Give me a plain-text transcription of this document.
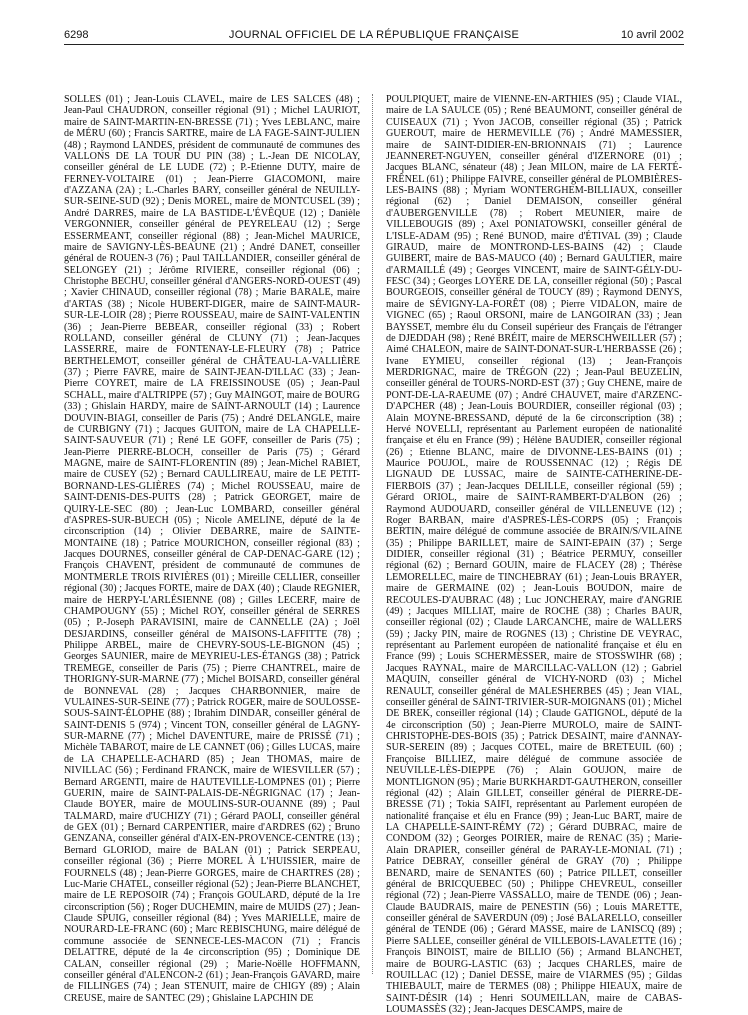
6298	JOURNAL OFFICIEL DE LA RÉPUBLIQUE FRANÇAISE	10 avril 2002

SOLLES (01) ; Jean-Louis CLAVEL, maire de LES SALCES (48) ; Jean-Paul CHAUDRON, conseiller régional (91) ; Michel LAURIOT, maire de SAINT-MARTIN-EN-BRESSE (71) ; Yves LEBLANC, maire de MÉRU (60) ; Francis SARTRE, maire de LA FAGE-SAINT-JULIEN (48) ; Raymond LANDES, président de communauté de communes des VALLONS DE LA TOUR DU PIN (38) ; L.-Jean DE NICOLAY, conseiller général de LE LUDE (72) ; P.-Etienne DUTY, maire de FERNEY-VOLTAIRE (01) ; Jean-Pierre GIACOMONI, maire d'AZZANA (2A) ; L.-Charles BARY, conseiller général de NEUILLY-SUR-SEINE-SUD (92) ; Denis MOREL, maire de MONTCUSEL (39) ; André DARRES, maire de LA BASTIDE-L'ÉVÊQUE (12) ; Danièle VERGONNIER, conseiller général de PEYRELEAU (12) ; Serge ESSERMEANT, conseiller régional (88) ; Jean-Michel MAURICE, maire de SAVIGNY-LÈS-BEAUNE (21) ; André DANET, conseiller général de ROUEN-3 (76) ; Paul TAILLANDIER, conseiller général de SELONGEY (21) ; Jérôme RIVIERE, conseiller régional (06) ; Christophe BECHU, conseiller général d'ANGERS-NORD-OUEST (49) ; Xavier CHINAUD, conseiller régional (78) ; Marie BARALE, maire d'ARTAS (38) ; Nicole HUBERT-DIGER, maire de SAINT-MAUR-SUR-LE-LOIR (28) ; Pierre ROUSSEAU, maire de SAINT-VALENTIN (36) ; Jean-Pierre BEBEAR, conseiller régional (33) ; Robert ROLLAND, conseiller général de CLUNY (71) ; Jean-Jacques LASSERRE, maire de FONTENAY-LE-FLEURY (78) ; Patrice BERTHELEMOT, conseiller général de CHÂTEAU-LA-VALLIÈRE (37) ; Pierre FAVRE, maire de SAINT-JEAN-D'ILLAC (33) ; Jean-Pierre COYRET, maire de LA FREISSINOUSE (05) ; Jean-Paul SCHALL, maire d'ALTRIPPE (57) ; Guy MAINGOT, maire de BOURG (33) ; Ghislain HARDY, maire de SAINT-ARNOULT (14) ; Laurence DOUVIN-BIAGI, conseiller de Paris (75) ; André DELANGLE, maire de CURBIGNY (71) ; Jacques GUITON, maire de LA CHAPELLE-SAINT-SAUVEUR (71) ; René LE GOFF, conseiller de Paris (75) ; Jean-Pierre PIERRE-BLOCH, conseiller de Paris (75) ; Gérard MAGNE, maire de SAINT-FLORENTIN (89) ; Jean-Michel RABIET, maire de CUSEY (52) ; Bernard CAULLIREAU, maire de LE PETIT-BORNAND-LES-GLIÈRES (74) ; Michel ROUSSEAU, maire de SAINT-DENIS-DES-PUITS (28) ; Patrick GEORGET, maire de QUIRY-LE-SEC (80) ; Jean-Luc LOMBARD, conseiller général d'ASPRES-SUR-BUECH (05) ; Nicole AMELINE, député de la 4e circonscription (14) ; Olivier DEBARRE, maire de SAINTE-MONTAINE (18) ; Patrice MOURICHON, conseiller régional (83) ; Jacques DOURNES, conseiller général de CAP-DENAC-GARE (12) ; François CHAVENT, président de communauté de communes de MONTMERLE TROIS RIVIÈRES (01) ; Mireille CELLIER, conseiller régional (30) ; Jacques FORTE, maire de DAX (40) ; Claude REGNIER, maire de HERPY-L'ARLÉSIENNE (08) ; Gilles LECERF, maire de CHAMPOUGNY (55) ; Michel ROY, conseiller général de SERRES (05) ; P.-Joseph PARAVISINI, maire de CANNELLE (2A) ; Joël DESJARDINS, conseiller général de MAISONS-LAFFITTE (78) ; Philippe ARBEL, maire de CHEVRY-SOUS-LE-BIGNON (45) ; Georges SAUNIER, maire de MEYRIEU-LES-ÉTANGS (38) ; Patrick TREMEGE, conseiller de Paris (75) ; Pierre CHANTREL, maire de THORIGNY-SUR-MARNE (77) ; Michel BOISARD, conseiller général de BONNEVAL (28) ; Jacques CHARBONNIER, maire de VULAINES-SUR-SEINE (77) ; Patrick ROGER, maire de SOULOSSE-SOUS-SAINT-ÉLOPHE (88) ; Ibrahim DINDAR, conseiller général de SAINT-DENIS 5 (974) ; Vincent TON, conseiller général de LAGNY-SUR-MARNE (77) ; Michel DAVENTURE, maire de PRISSÉ (71) ; Michèle TABAROT, maire de LE CANNET (06) ; Gilles LUCAS, maire de LA CHAPELLE-ACHARD (85) ; Jean THOMAS, maire de NIVILLAC (56) ; Ferdinand FRANCK, maire de WIESVILLER (57) ; Bernard ARGENTI, maire de HAUTEVILLE-LOMPNES (01) ; Pierre GUERIN, maire de SAINT-PALAIS-DE-NÉGRIGNAC (17) ; Jean-Claude BOYER, maire de MOULINS-SUR-OUANNE (89) ; Paul TALMARD, maire d'UCHIZY (71) ; Gérard PAOLI, conseiller général de GEX (01) ; Bernard CARPENTIER, maire d'ARDRES (62) ; Bruno GENZANA, conseiller général d'AIX-EN-PROVENCE-CENTRE (13) ; Bernard GLORIOD, maire de BALAN (01) ; Patrick SERPEAU, conseiller régional (36) ; Pierre MOREL À L'HUISSIER, maire de FOURNELS (48) ; Jean-Pierre GORGES, maire de CHARTRES (28) ; Luc-Marie CHATEL, conseiller régional (52) ; Jean-Pierre BLANCHET, maire de LE REPOSOIR (74) ; François GOULARD, député de la 1re circonscription (56) ; Roger DUCHEMIN, maire de MUIDS (27) ; Jean-Claude SPUIG, conseiller régional (84) ; Yves MARIELLE, maire de NOURARD-LE-FRANC (60) ; Marc REBISCHUNG, maire délégué de commune associée de SENNECE-LES-MACON (71) ; Francis DELATTRE, député de la 4e circonscription (95) ; Dominique DE CALAN, conseiller régional (29) ; Marie-Noëlle HOFFMANN, conseiller général d'ALENCON-2 (61) ; Jean-François GAVARD, maire de FILLINGES (74) ; Jean STENUIT, maire de CHIGY (89) ; Alain CREUSE, maire de SANTEC (29) ; Ghislaine LAPCHIN DE

POULPIQUET, maire de VIENNE-EN-ARTHIES (95) ; Claude VIAL, maire de LA SAULCE (05) ; René BEAUMONT, conseiller général de CUISEAUX (71) ; Yvon JACOB, conseiller régional (35) ; Patrick GUEROUT, maire de HERMEVILLE (76) ; André MAMESSIER, maire de SAINT-DIDIER-EN-BRIONNAIS (71) ; Laurence JEANNERET-NGUYEN, conseiller général d'IZERNORE (01) ; Jacques BLANC, sénateur (48) ; Jean MILON, maire de LA FERTÉ-FRÊNEL (61) ; Philippe FAIVRE, conseiller général de PLOMBIÈRES-LES-BAINS (88) ; Myriam WONTERGHEM-BILLIAUX, conseiller régional (62) ; Daniel DEMAISON, conseiller général d'AUBERGENVILLE (78) ; Robert MEUNIER, maire de VILLEBOUGIS (89) ; Axel PONIATOWSKI, conseiller général de L'ISLE-ADAM (95) ; René BUNOD, maire d'ÉTIVAL (39) ; Claude GIRAUD, maire de MONTROND-LES-BAINS (42) ; Claude GUIBERT, maire de BAS-MAUCO (40) ; Bernard GAULTIER, maire d'ARMAILLÉ (49) ; Georges VINCENT, maire de SAINT-GÉLY-DU-FESC (34) ; Georges LOYERE DE LA, conseiller régional (50) ; Pascal BOURGEOIS, conseiller général de TOUCY (89) ; Raymond DENYS, maire de SÉVIGNY-LA-FORÊT (08) ; Pierre VIDALON, maire de VIGNEC (65) ; Raoul ORSONI, maire de LANGOIRAN (33) ; Jean BAYSSET, membre élu du Conseil supérieur des Français de l'étranger de DJEDDAH (98) ; René BRÉIT, maire de MERSCHWEILLER (57) ; Aimé CHALEON, maire de SAINT-DONAT-SUR-L'HERBASSE (26) ; Ivane EYMIEU, conseiller régional (13) ; Jean-François MERDRIGNAC, maire de TRÉGON (22) ; Jean-Paul BEUZELIN, conseiller général de TOURS-NORD-EST (37) ; Guy CHENE, maire de PONT-DE-LA-RAEUME (07) ; André CHAUVET, maire d'ARZENC-D'APCHER (48) ; Jean-Louis BOURDIER, conseiller régional (03) ; Alain MOYNE-BRESSAND, député de la 6e circonscription (38) ; Hervé NOVELLI, représentant au Parlement européen de nationalité française et élu en France (99) ; Hélène BAUDIER, conseiller régional (26) ; Etienne BLANC, maire de DIVONNE-LES-BAINS (01) ; Maurice POUJOL, maire de ROUSSENNAC (12) ; Régis DE LIGNAUD DE LUSSAC, maire de SAINTE-CATHERINE-DE-FIERBOIS (37) ; Jean-Jacques DELILLE, conseiller régional (59) ; Gérard ORIOL, maire de SAINT-RAMBERT-D'ALBON (26) ; Raymond AUDOUARD, conseiller général de VILLENEUVE (12) ; Roger BARBAN, maire d'ASPRES-LÈS-CORPS (05) ; François BERTIN, maire délégué de commune associée de BRAIN/S/VILAINE (35) ; Philippe BARILLET, maire de SAINT-EPAIN (37) ; Serge DIDIER, conseiller régional (31) ; Béatrice PERMUY, conseiller régional (62) ; Bernard GOUIN, maire de FLACEY (28) ; Thérèse LEMORELLEC, maire de TINCHEBRAY (61) ; Jean-Louis BRAYER, maire de GERMAINE (02) ; Jean-Louis BOUDON, maire de RECOULES-D'AUBRAC (48) ; Luc JONCHERAY, maire d'ANGRIE (49) ; Jacques MILLIAT, maire de ROCHE (38) ; Charles BAUR, conseiller régional (02) ; Claude LARCANCHE, maire de WALLERS (59) ; Jacky PIN, maire de ROGNES (13) ; Christine DE VEYRAC, représentant au Parlement européen de nationalité française et élu en France (99) ; Louis SCHERMESSER, maire de STOSSWIHR (68) ; Jacques RAYNAL, maire de MARCILLAC-VALLON (12) ; Gabriel MAQUIN, conseiller général de VICHY-NORD (03) ; Michel RENAULT, conseiller général de MALESHERBES (45) ; Jean VIAL, conseiller général de SAINT-TRIVIER-SUR-MOIGNANS (01) ; Michel DE BREK, conseiller régional (14) ; Claude GATIGNOL, député de la 4e circonscription (50) ; Jean-Pierre MUROLO, maire de SAINT-CHRISTOPHE-DES-BOIS (35) ; Patrick DESAINT, maire d'ANNAY-SUR-SEREIN (89) ; Jacques COTEL, maire de BRETEUIL (60) ; Françoise BILLIEZ, maire délégué de commune associée de NEUVILLE-LÈS-DIEPPE (76) ; Alain GOUJON, maire de MONTLIGNON (95) ; Marie BURKHARDT-GAUTHERON, conseiller régional (42) ; Alain GILLET, conseiller général de PIERRE-DE-BRESSE (71) ; Tokia SAIFI, représentant au Parlement européen de nationalité française et élu en France (99) ; Jean-Luc BART, maire de LA CHAPELLE-SAINT-RÉMY (72) ; Gérard DUBRAC, maire de CONDOM (32) ; Georges POIRIER, maire de RENAC (35) ; Marie-Alain DRAPIER, conseiller général de PARAY-LE-MONIAL (71) ; Patrice DEBRAY, conseiller général de GRAY (70) ; Philippe BENARD, maire de SENANTES (60) ; Patrice PILLET, conseiller général de BRICQUEBEC (50) ; Philippe CHEVREUL, conseiller régional (72) ; Jean-Pierre VASSALLO, maire de TENDE (06) ; Jean-Claude BAUDRAIS, maire de PENESTIN (56) ; Louis MARETTE, conseiller général de SAVERDUN (09) ; José BALARELLO, conseiller général de TENDE (06) ; Gérard MASSE, maire de LANISCQ (89) ; Pierre SALLEE, conseiller général de VILLEBOIS-LAVALETTE (16) ; François BINOIST, maire de BILLIO (56) ; Armand BLANCHET, maire de BOURG-LASTIC (63) ; Jacques CHARLES, maire de ROUILLAC (12) ; Daniel DESSE, maire de VIARMES (95) ; Gildas THIEBAULT, maire de TERMES (08) ; Philippe HIEAUX, maire de SAINT-DÉSIR (14) ; Henri SOUMEILLAN, maire de CABAS-LOUMASSÈS (32) ; Jean-Jacques DESCAMPS, maire de
